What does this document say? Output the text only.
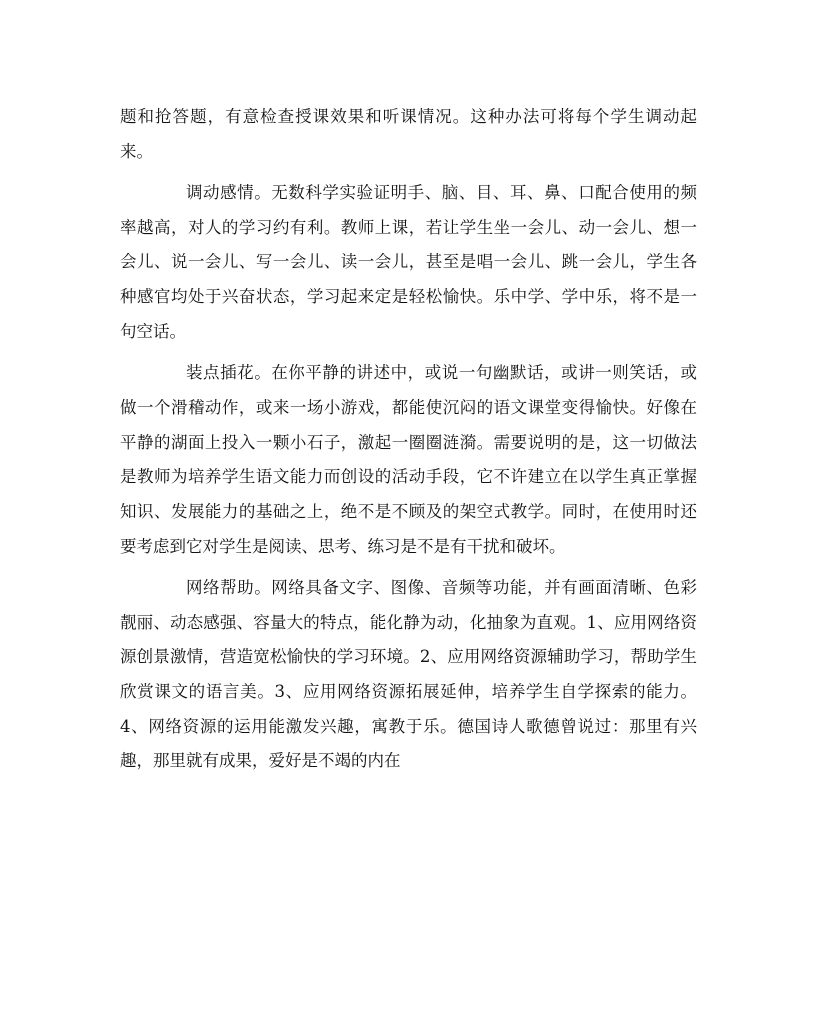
题和抢答题，有意检查授课效果和听课情况。这种办法可将每个学生调动起来。

调动感情。无数科学实验证明手、脑、目、耳、鼻、口配合使用的频率越高，对人的学习约有利。教师上课，若让学生坐一会儿、动一会儿、想一会儿、说一会儿、写一会儿、读一会儿，甚至是唱一会儿、跳一会儿，学生各种感官均处于兴奋状态，学习起来定是轻松愉快。乐中学、学中乐，将不是一句空话。

装点插花。在你平静的讲述中，或说一句幽默话，或讲一则笑话，或做一个滑稽动作，或来一场小游戏，都能使沉闷的语文课堂变得愉快。好像在平静的湖面上投入一颗小石子，激起一圈圈涟漪。需要说明的是，这一切做法是教师为培养学生语文能力而创设的活动手段，它不许建立在以学生真正掌握知识、发展能力的基础之上，绝不是不顾及的架空式教学。同时，在使用时还要考虑到它对学生是阅读、思考、练习是不是有干扰和破坏。

网络帮助。网络具备文字、图像、音频等功能，并有画面清晰、色彩靓丽、动态感强、容量大的特点，能化静为动，化抽象为直观。1、应用网络资源创景激情，营造宽松愉快的学习环境。2、应用网络资源辅助学习，帮助学生欣赏课文的语言美。3、应用网络资源拓展延伸，培养学生自学探索的能力。4、网络资源的运用能激发兴趣，寓教于乐。德国诗人歌德曾说过：那里有兴趣，那里就有成果，爱好是不竭的内在
